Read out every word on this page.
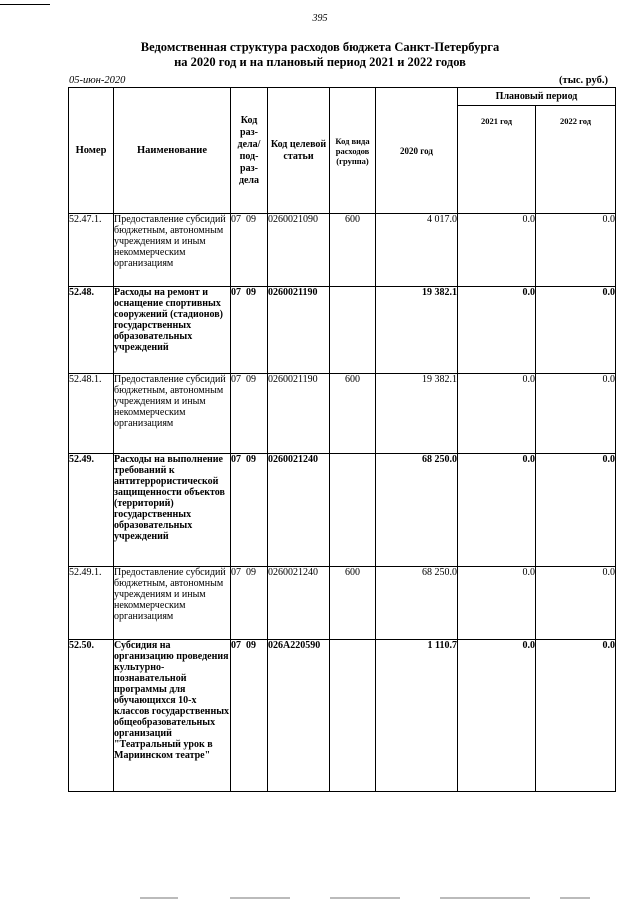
395
Ведомственная структура расходов бюджета Санкт-Петербурга
на 2020 год и на плановый период 2021 и 2022 годов
05-июн-2020	(тыс. руб.)
Номер	Наименование	Код раз- дела/ под- раз- дела	Код целевой статьи	Код вида расходов (группа)	2020 год	Плановый период	
						2021 год	2022 год
52.47.1.	Предоставление субсидий бюджетным, автономным учреждениям и иным некоммерческим организациям	07 09	0260021090	600	4 017.0	0.0	0.0
52.48.	Расходы на ремонт и оснащение спортивных сооружений (стадионов) государственных образовательных учреждений	07 09	0260021190		19 382.1	0.0	0.0
52.48.1.	Предоставление субсидий бюджетным, автономным учреждениям и иным некоммерческим организациям	07 09	0260021190	600	19 382.1	0.0	0.0
52.49.	Расходы на выполнение требований к антитеррористической защищенности объектов (территорий) государственных образовательных учреждений	07 09	0260021240		68 250.0	0.0	0.0
52.49.1.	Предоставление субсидий бюджетным, автономным учреждениям и иным некоммерческим организациям	07 09	0260021240	600	68 250.0	0.0	0.0
52.50.	Субсидия на организацию проведения культурно-познавательной программы для обучающихся 10-х классов государственных общеобразовательных организаций "Театральный урок в Мариинском театре"	07 09	026А220590		1 110.7	0.0	0.0
